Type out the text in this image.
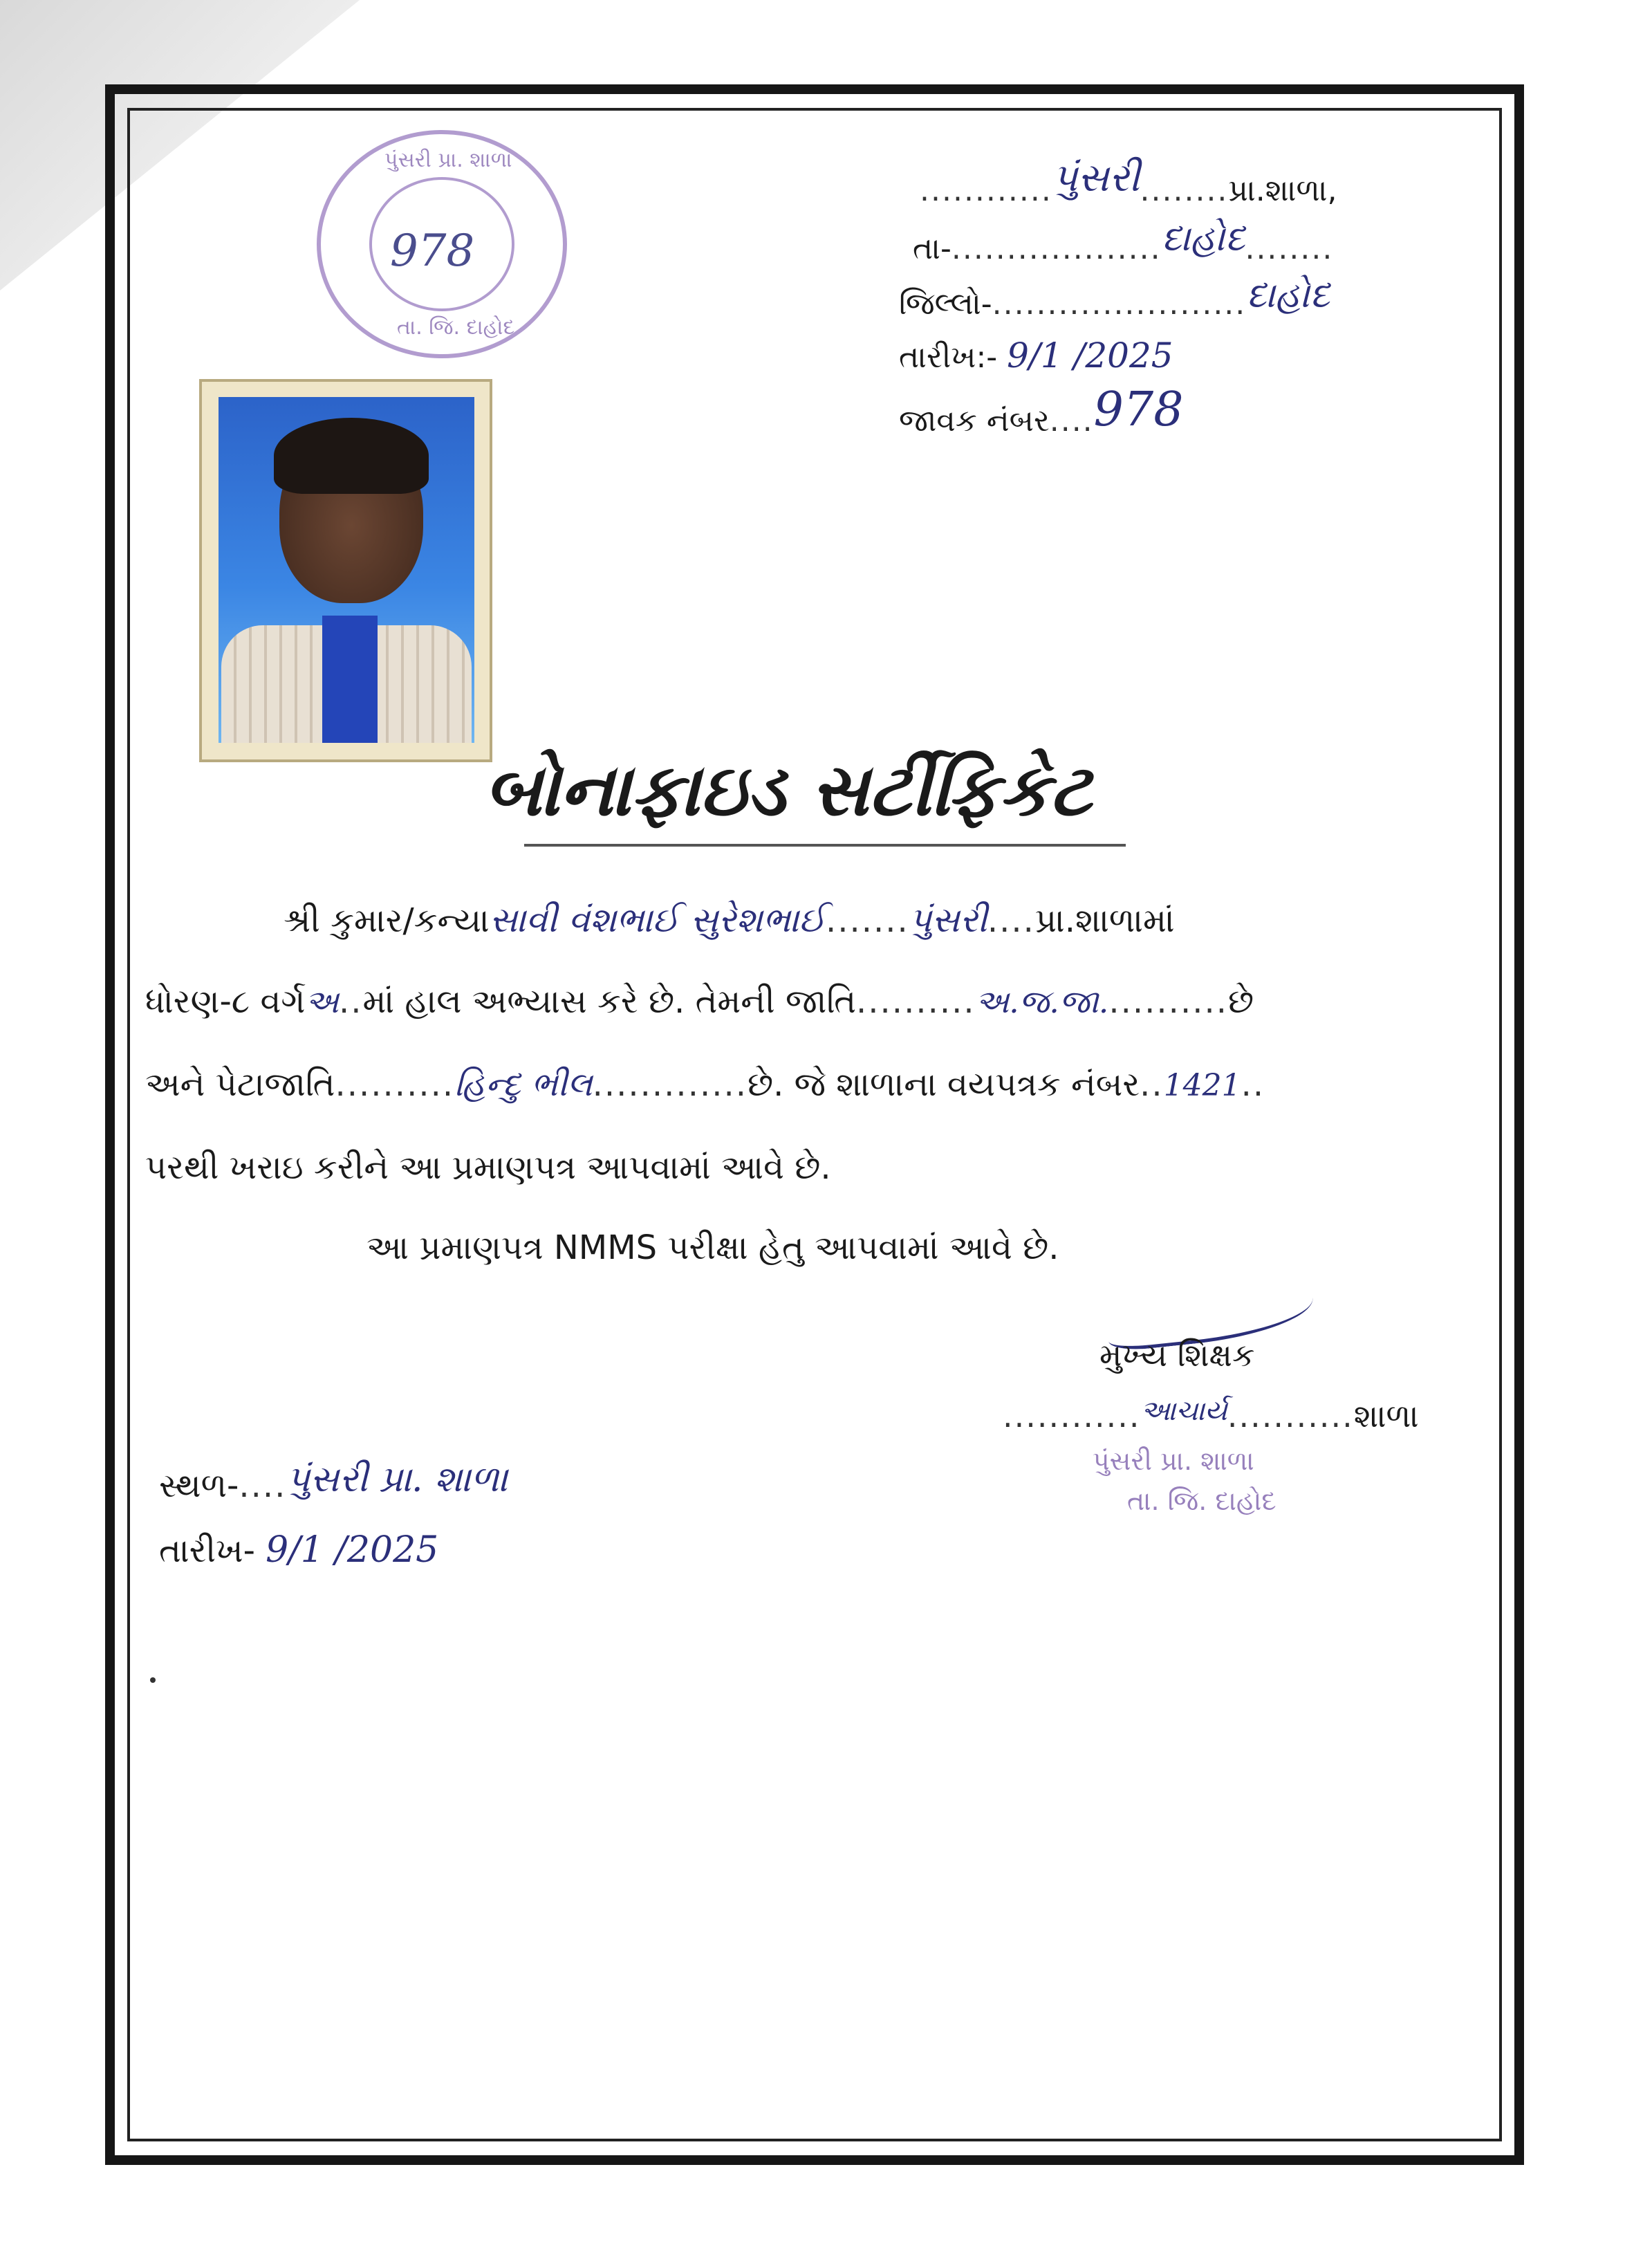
પુંસરી પ્રા. શાળા
978
તા. જિ. દાહોદ
............પુંસરી........પ્રા.શાળા,
તા-...................દાહોદ........
જિલ્લો-.......................દાહોદ
તારીખ:- 9/1 /2025
જાવક નંબર....978
બોનાફાઇડ સર્ટીફિકેટ
શ્રી કુમાર/કન્યાસાવી વંશભાઈ સુરેશભાઈ.......પુંસરી....પ્રા.શાળામાં
ધોરણ-૮ વર્ગઅ..માં હાલ અભ્યાસ કરે છે. તેમની જાતિ..........અ.જ.જા...........છે
અને પેટાજાતિ..........હિન્દુ ભીલ.............છે. જે શાળાના વયપત્રક નંબર..1421..
પરથી ખરાઇ કરીને આ પ્રમાણપત્ર આપવામાં આવે છે.
આ પ્રમાણપત્ર NMMS પરીક્ષા હેતુ આપવામાં આવે છે.
મુખ્ય શિક્ષક
............આચાર્ય...........શાળા
પુંસરી પ્રા. શાળા
તા. જિ. દાહોદ
સ્થળ-....પુંસરી પ્રા. શાળા
તારીખ- 9/1 /2025
